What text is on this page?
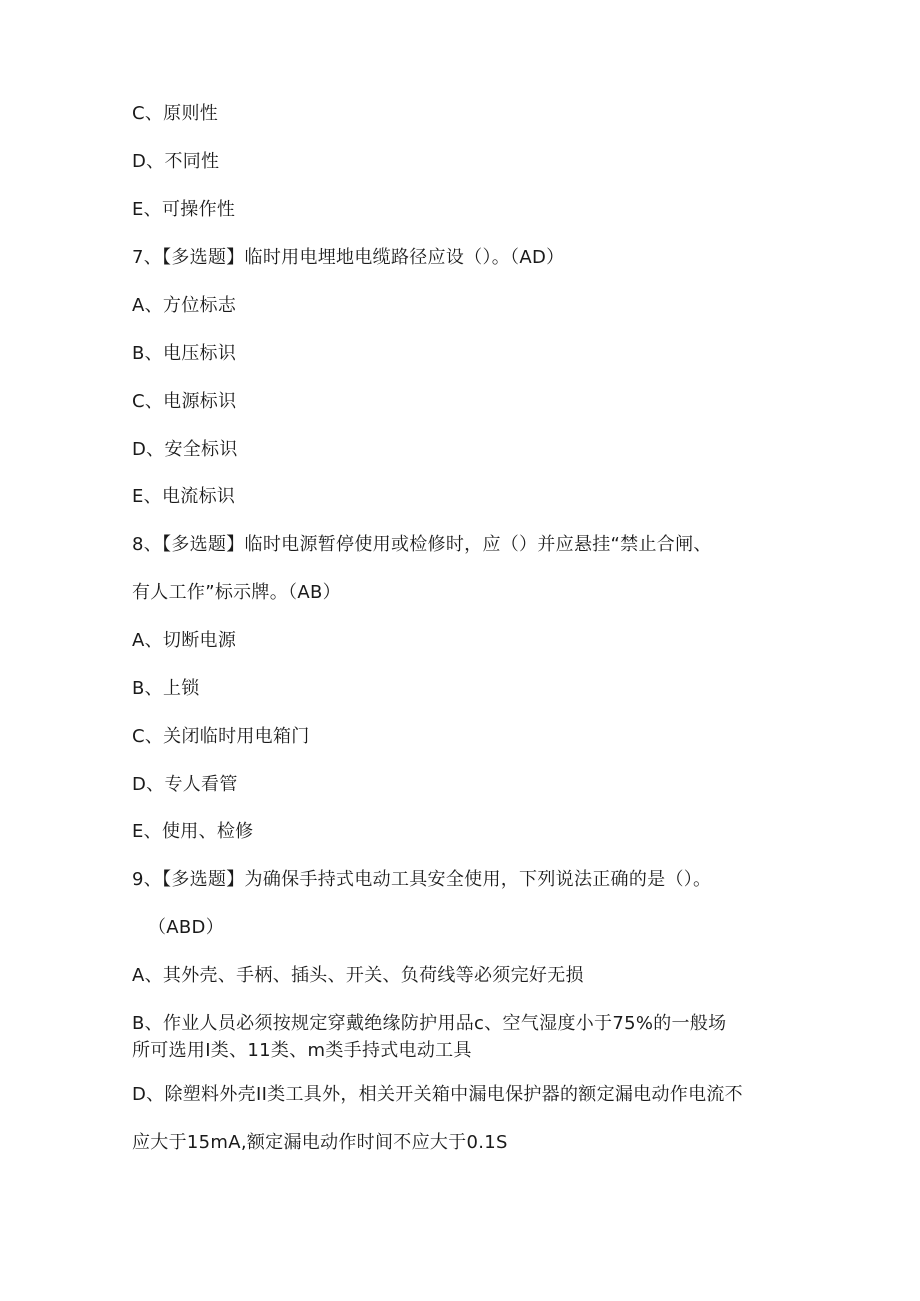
C、原则性
D、不同性
E、可操作性
7、【多选题】临时用电埋地电缆路径应设（）。（AD）
A、方位标志
B、电压标识
C、电源标识
D、安全标识
E、电流标识
8、【多选题】临时电源暂停使用或检修时，应（）并应悬挂“禁止合闸、
有人工作”标示牌。（AB）
A、切断电源
B、上锁
C、关闭临时用电箱门
D、专人看管
E、使用、检修
9、【多选题】为确保手持式电动工具安全使用，下列说法正确的是（）。
（ABD）
A、其外壳、手柄、插头、开关、负荷线等必须完好无损
B、作业人员必须按规定穿戴绝缘防护用品c、空气湿度小于75%的一般场
所可选用I类、11类、m类手持式电动工具
D、除塑料外壳II类工具外，相关开关箱中漏电保护器的额定漏电动作电流不
应大于15mA,额定漏电动作时间不应大于0.1S
